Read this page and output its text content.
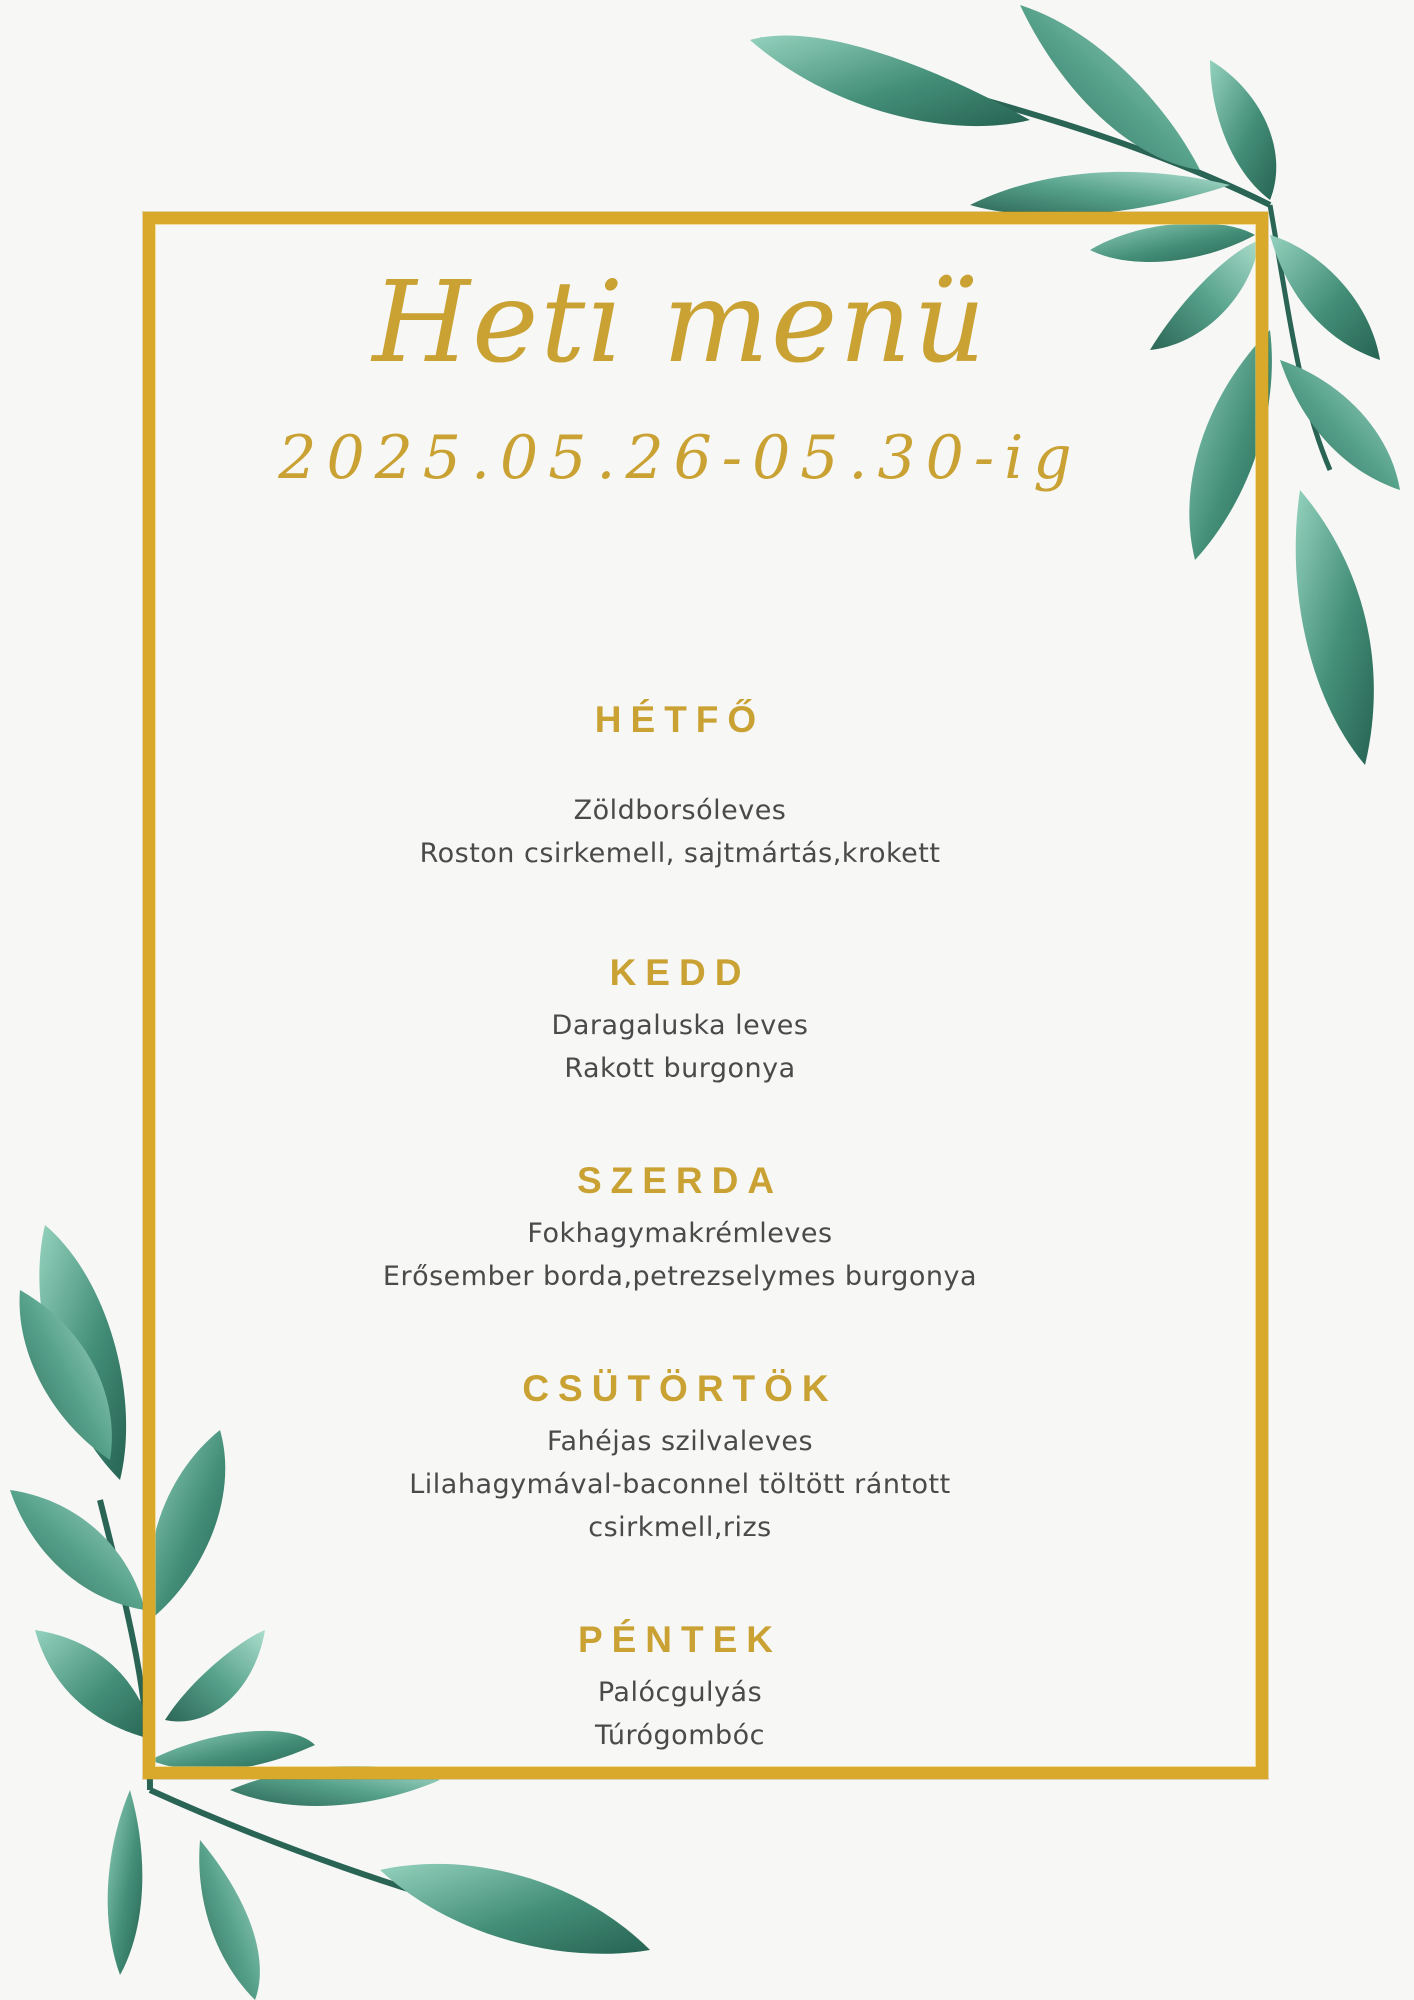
Heti menü
2025.05.26-05.30-ig
HÉTFŐ
Zöldborsóleves
Roston csirkemell, sajtmártás,krokett
KEDD
Daragaluska leves
Rakott burgonya
SZERDA
Fokhagymakrémleves
Erősember borda,petrezselymes burgonya
CSÜTÖRTÖK
Fahéjas szilvaleves
Lilahagymával-baconnel töltött rántott
csirkmell,rizs
PÉNTEK
Palócgulyás
Túrógombóc
